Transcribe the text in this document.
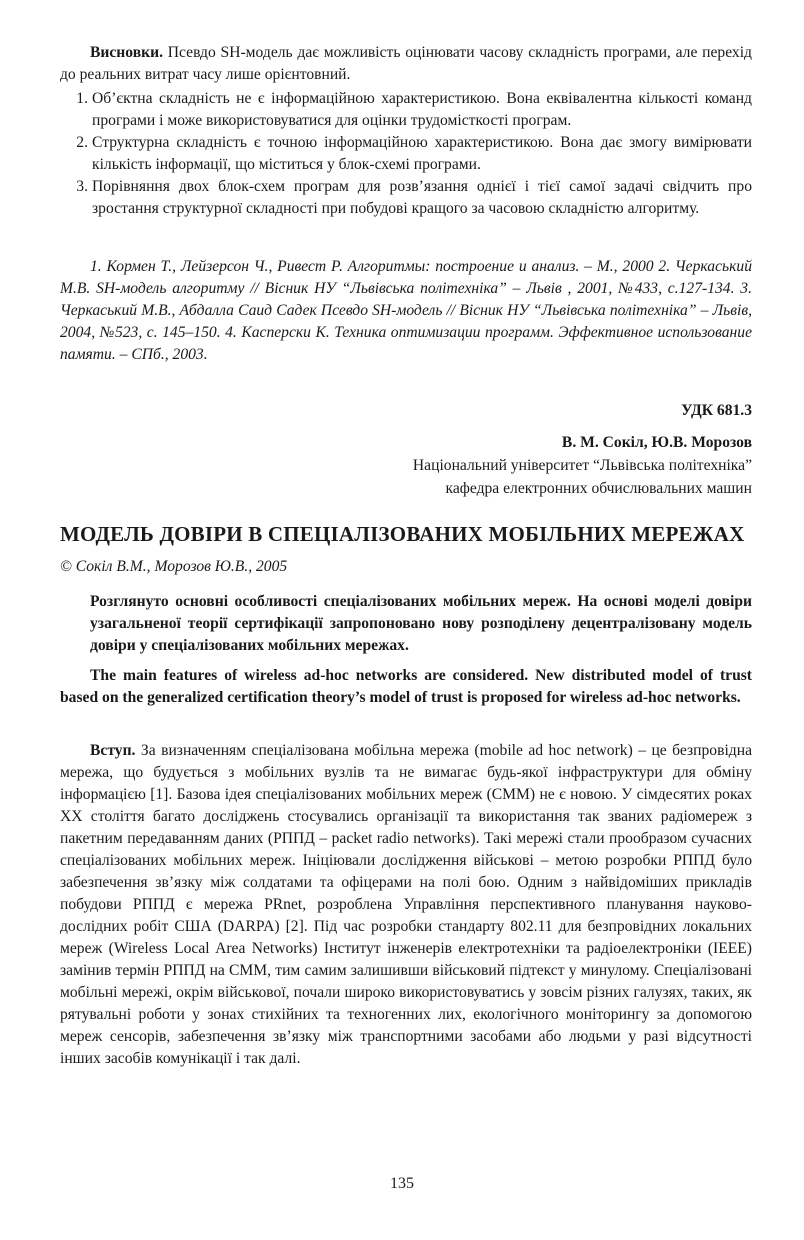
Висновки. Псевдо SH-модель дає можливість оцінювати часову складність програми, але перехід до реальних витрат часу лише орієнтовний.
1. Об’єктна складність не є інформаційною характеристикою. Вона еквівалентна кількості команд програми і може використовуватися для оцінки трудомісткості програм.
2. Структурна складність є точною інформаційною характеристикою. Вона дає змогу вимірювати кількість інформації, що міститься у блок-схемі програми.
3. Порівняння двох блок-схем програм для розв’язання однієї і тієї самої задачі свідчить про зростання структурної складності при побудові кращого за часовою складністю алгоритму.
1. Кормен Т., Лейзерсон Ч., Ривест Р. Алгоритмы: построение и анализ. – М., 2000 2. Черкаський М.В. SH-модель алгоритму // Вісник НУ “Львівська політехніка” – Львів , 2001, №433, с.127-134. 3. Черкаський М.В., Абдалла Саид Садек Псевдо SH-модель // Вісник НУ “Львівська політехніка” – Львів, 2004, №523, с. 145–150. 4. Касперски К. Техника оптимизации программ. Эффективное использование памяти. – СПб., 2003.
УДК 681.3
В. М. Сокіл, Ю.В. Морозов
Національний університет “Львівська політехніка”
кафедра електронних обчислювальних машин
МОДЕЛЬ ДОВІРИ В СПЕЦІАЛІЗОВАНИХ МОБІЛЬНИХ МЕРЕЖАХ
© Сокіл В.М., Морозов Ю.В., 2005
Розглянуто основні особливості спеціалізованих мобільних мереж. На основі моделі довіри узагальненої теорії сертифікації запропоновано нову розподілену децентралізовану модель довіри у спеціалізованих мобільних мережах.
The main features of wireless ad-hoc networks are considered. New distributed model of trust based on the generalized certification theory’s model of trust is proposed for wireless ad-hoc networks.
Вступ. За визначенням спеціалізована мобільна мережа (mobile ad hoc network) – це безпровідна мережа, що будується з мобільних вузлів та не вимагає будь-якої інфраструктури для обміну інформацією [1]. Базова ідея спеціалізованих мобільних мереж (СММ) не є новою. У сімдесятих роках ХХ століття багато досліджень стосувались організації та використання так званих радіомереж з пакетним передаванням даних (РППД – packet radio networks). Такі мережі стали прообразом сучасних спеціалізованих мобільних мереж. Ініціювали дослідження військові – метою розробки РППД було забезпечення зв’язку між солдатами та офіцерами на полі бою. Одним з найвідоміших прикладів побудови РППД є мережа PRnet, розроблена Управління перспективного планування науково-дослідних робіт США (DARPA) [2]. Під час розробки стандарту 802.11 для безпровідних локальних мереж (Wireless Local Area Networks) Інститут інженерів електротехніки та радіоелектроніки (IEEE) замінив термін РППД на СММ, тим самим залишивши військовий підтекст у минулому. Спеціалізовані мобільні мережі, окрім військової, почали широко використовуватись у зовсім різних галузях, таких, як рятувальні роботи у зонах стихійних та техногенних лих, екологічного моніторингу за допомогою мереж сенсорів, забезпечення зв’язку між транспортними засобами або людьми у разі відсутності інших засобів комунікації і так далі.
135
